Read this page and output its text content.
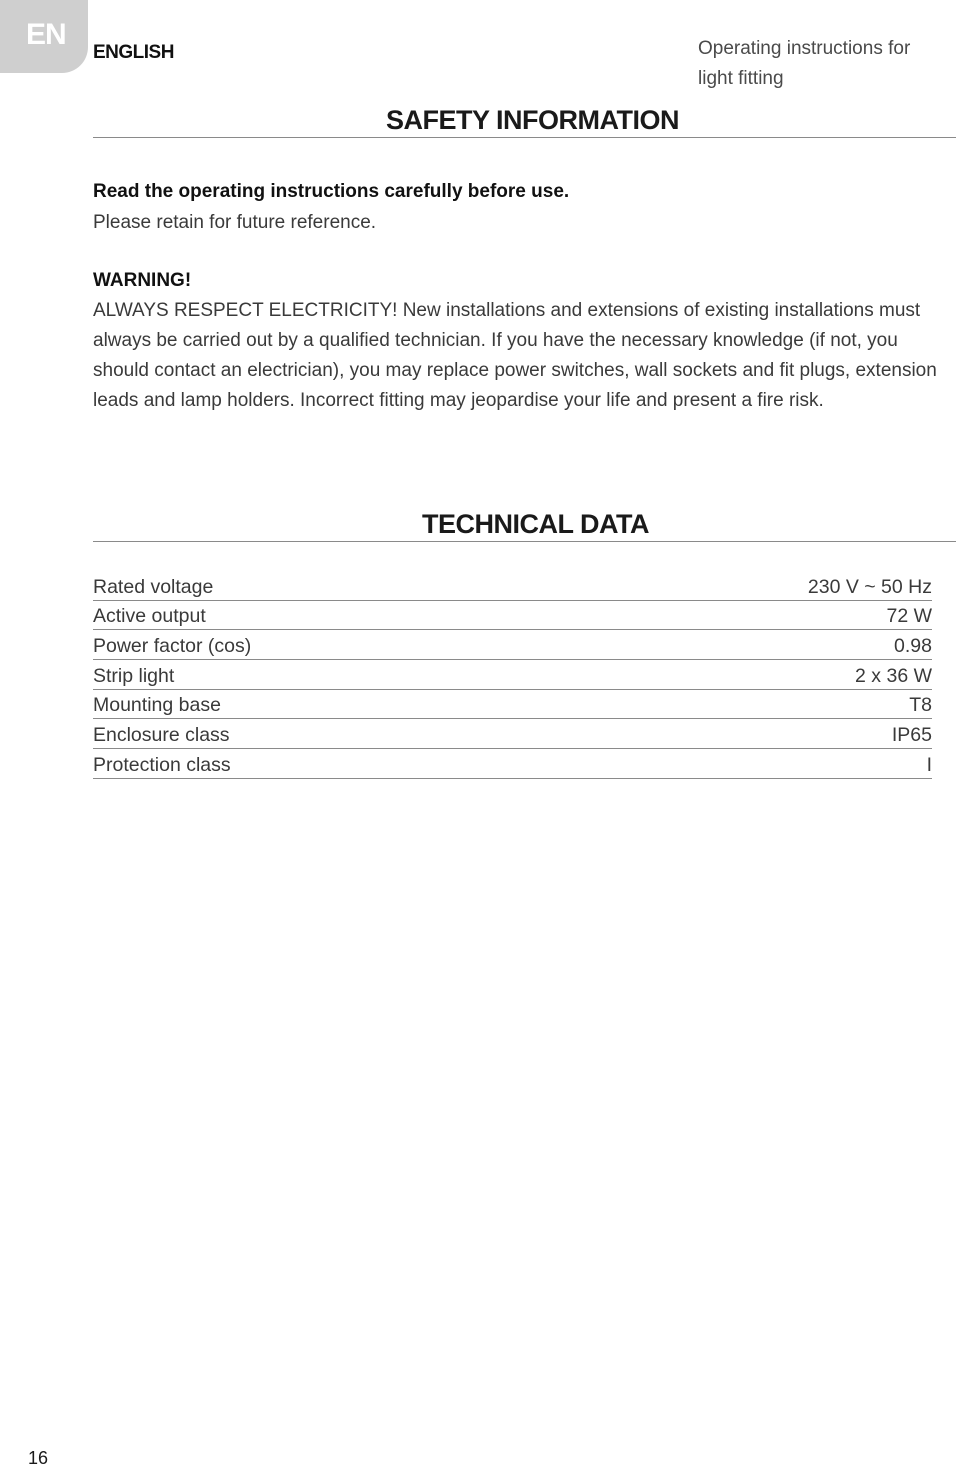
EN
ENGLISH	Operating instructions for light fitting
SAFETY INFORMATION
Read the operating instructions carefully before use.
Please retain for future reference.
WARNING!
ALWAYS RESPECT ELECTRICITY! New installations and extensions of existing installations must always be carried out by a qualified technician. If you have the necessary knowledge (if not, you should contact an electrician), you may replace power switches, wall sockets and fit plugs, extension leads and lamp holders. Incorrect fitting may jeopardise your life and present a fire risk.
TECHNICAL DATA
Rated voltage	230 V ~ 50 Hz
Active output	72 W
Power factor (cos)	0.98
Strip light	2 x 36 W
Mounting base	T8
Enclosure class	IP65
Protection class	I
16
